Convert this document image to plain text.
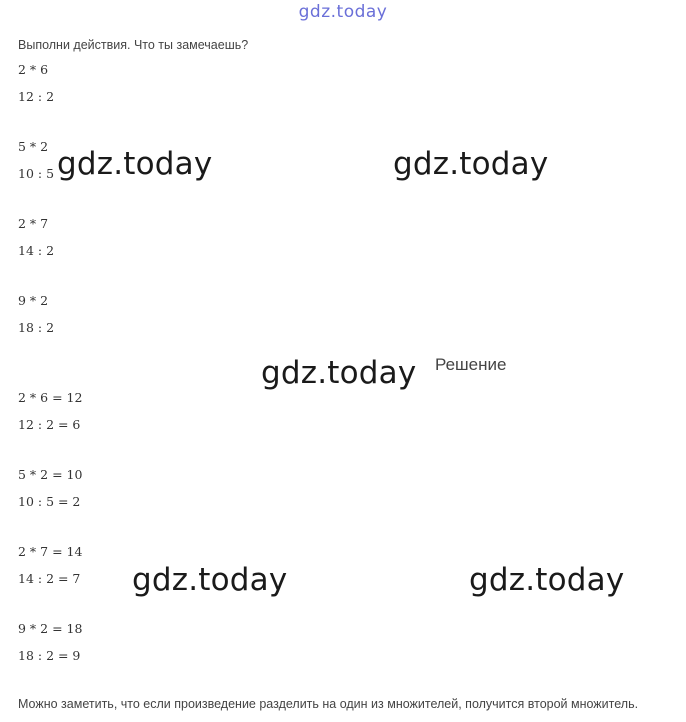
gdz.today
Выполни действия. Что ты замечаешь?
2 * 6
12 : 2
5 * 2
10 : 5
2 * 7
14 : 2
9 * 2
18 : 2
Решение
2 * 6 = 12
12 : 2 = 6
5 * 2 = 10
10 : 5 = 2
2 * 7 = 14
14 : 2 = 7
9 * 2 = 18
18 : 2 = 9
Можно заметить, что если произведение разделить на один из множителей, получится второй множитель.
gdz.today	gdz.today
gdz.today
gdz.today	gdz.today
